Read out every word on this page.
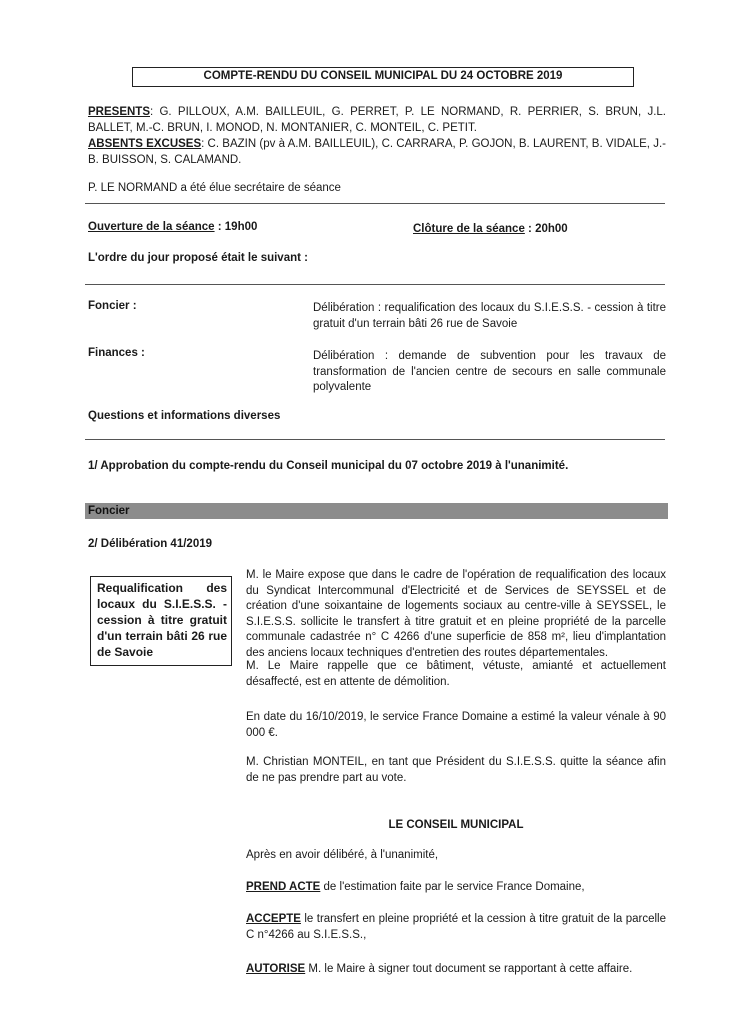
COMPTE-RENDU DU CONSEIL MUNICIPAL DU 24 OCTOBRE 2019
PRESENTS: G. PILLOUX, A.M. BAILLEUIL, G. PERRET, P. LE NORMAND, R. PERRIER, S. BRUN, J.L. BALLET, M.-C. BRUN, I. MONOD, N. MONTANIER, C. MONTEIL, C. PETIT.
ABSENTS EXCUSES: C. BAZIN (pv à A.M. BAILLEUIL), C. CARRARA, P. GOJON, B. LAURENT, B. VIDALE, J.-B. BUISSON, S. CALAMAND.
P. LE NORMAND a été élue secrétaire de séance
Ouverture de la séance : 19h00	Clôture de la séance : 20h00
L'ordre du jour proposé était le suivant :
Foncier :	Délibération : requalification des locaux du S.I.E.S.S. - cession à titre gratuit d'un terrain bâti 26 rue de Savoie
Finances :	Délibération : demande de subvention pour les travaux de transformation de l'ancien centre de secours en salle communale polyvalente
Questions et informations diverses
1/ Approbation du compte-rendu du Conseil municipal du 07 octobre 2019 à l'unanimité.
Foncier
2/ Délibération 41/2019
Requalification des locaux du S.I.E.S.S. - cession à titre gratuit d'un terrain bâti 26 rue de Savoie
M. le Maire expose que dans le cadre de l'opération de requalification des locaux du Syndicat Intercommunal d'Electricité et de Services de SEYSSEL et de création d'une soixantaine de logements sociaux au centre-ville à SEYSSEL, le S.I.E.S.S. sollicite le transfert à titre gratuit et en pleine propriété de la parcelle communale cadastrée n° C 4266 d'une superficie de 858 m², lieu d'implantation des anciens locaux techniques d'entretien des routes départementales.
M. Le Maire rappelle que ce bâtiment, vétuste, amianté et actuellement désaffecté, est en attente de démolition.
En date du 16/10/2019, le service France Domaine a estimé la valeur vénale à 90 000 €.
M. Christian MONTEIL, en tant que Président du S.I.E.S.S. quitte la séance afin de ne pas prendre part au vote.
LE CONSEIL MUNICIPAL
Après en avoir délibéré, à l'unanimité,
PREND ACTE de l'estimation faite par le service France Domaine,
ACCEPTE le transfert en pleine propriété et la cession à titre gratuit de la parcelle C n°4266 au S.I.E.S.S.,
AUTORISE M. le Maire à signer tout document se rapportant à cette affaire.
